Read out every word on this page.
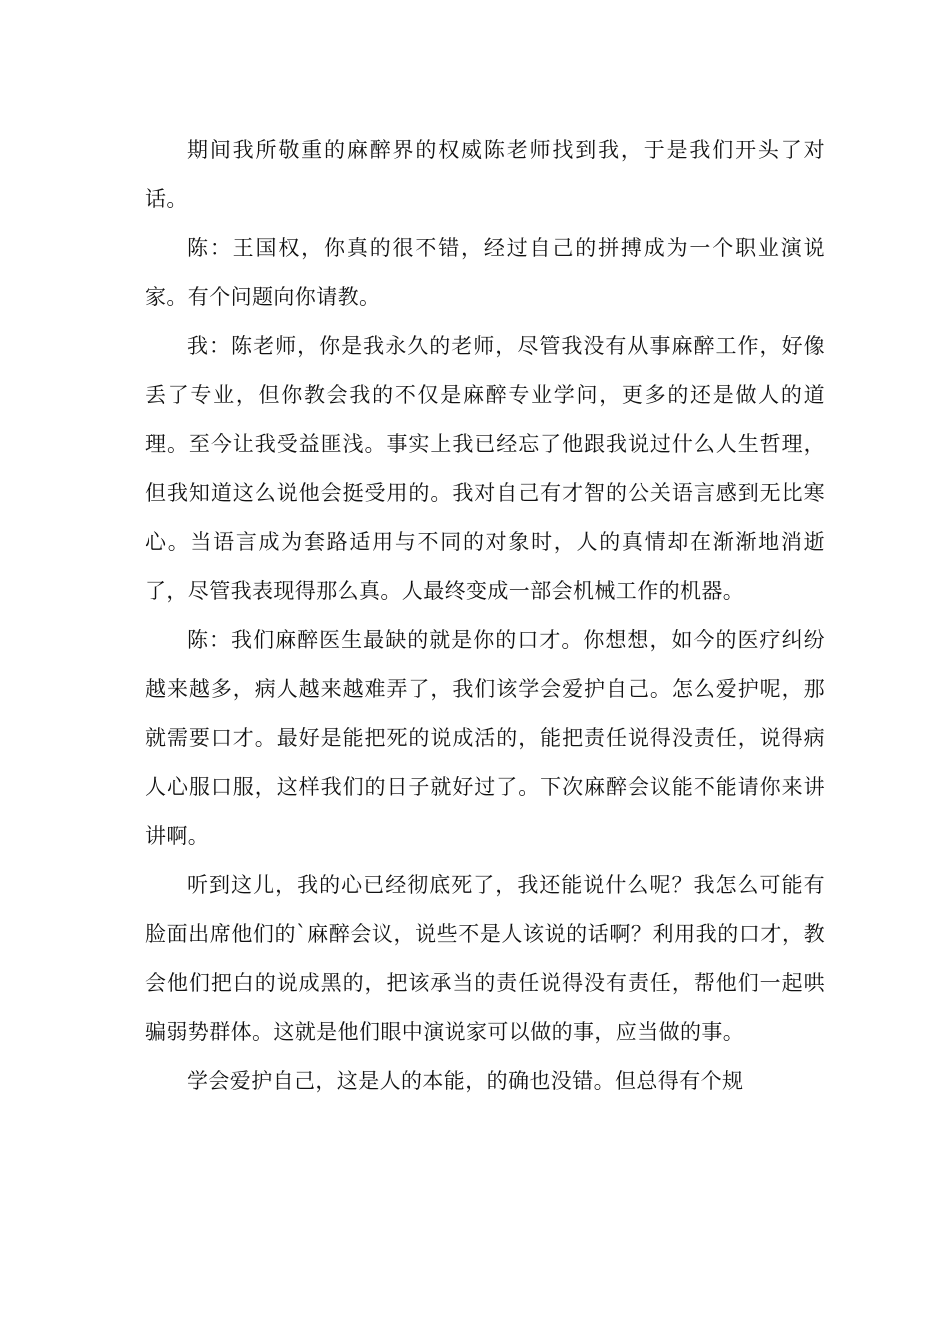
期间我所敬重的麻醉界的权威陈老师找到我，于是我们开头了对话。

陈：王国权，你真的很不错，经过自己的拼搏成为一个职业演说家。有个问题向你请教。

我：陈老师，你是我永久的老师，尽管我没有从事麻醉工作，好像丢了专业，但你教会我的不仅是麻醉专业学问，更多的还是做人的道理。至今让我受益匪浅。事实上我已经忘了他跟我说过什么人生哲理，但我知道这么说他会挺受用的。我对自己有才智的公关语言感到无比寒心。当语言成为套路适用与不同的对象时，人的真情却在渐渐地消逝了，尽管我表现得那么真。人最终变成一部会机械工作的机器。

陈：我们麻醉医生最缺的就是你的口才。你想想，如今的医疗纠纷越来越多，病人越来越难弄了，我们该学会爱护自己。怎么爱护呢，那就需要口才。最好是能把死的说成活的，能把责任说得没责任，说得病人心服口服，这样我们的日子就好过了。下次麻醉会议能不能请你来讲讲啊。

听到这儿，我的心已经彻底死了，我还能说什么呢？我怎么可能有脸面出席他们的`麻醉会议，说些不是人该说的话啊？利用我的口才，教会他们把白的说成黑的，把该承当的责任说得没有责任，帮他们一起哄骗弱势群体。这就是他们眼中演说家可以做的事，应当做的事。

学会爱护自己，这是人的本能，的确也没错。但总得有个规
